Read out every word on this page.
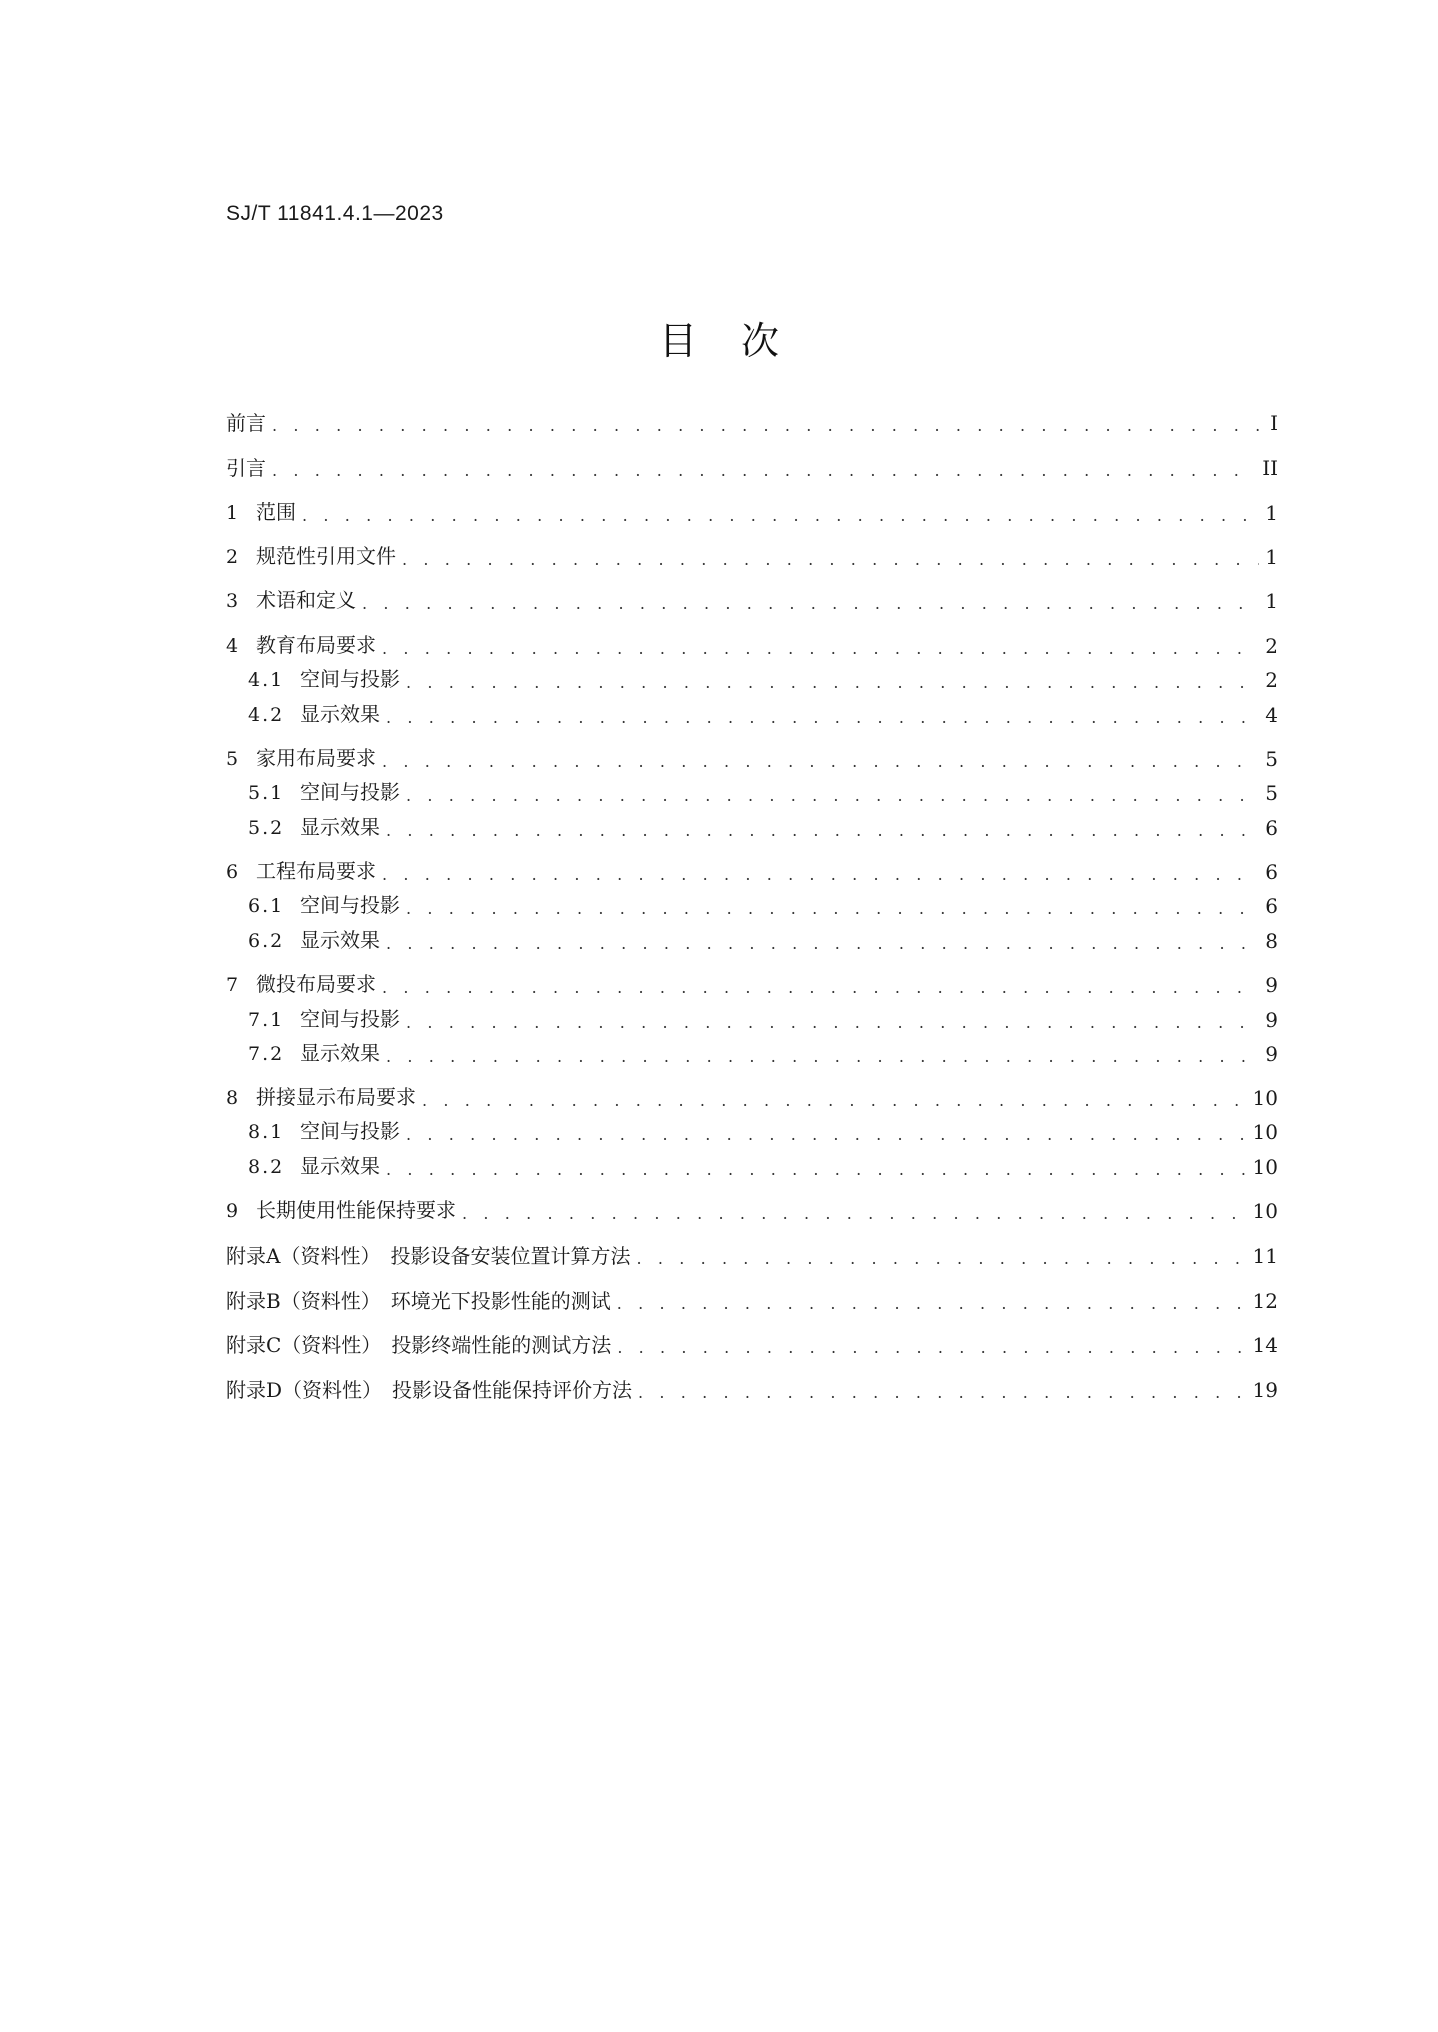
SJ/T 11841.4.1—2023
目次
前言 . . .	I
引言 . . .	II
1 范围 . . .	1
2 规范性引用文件 . . .	1
3 术语和定义 . . .	1
4 教育布局要求 . . .	2
4.1 空间与投影 . . .	2
4.2 显示效果 . . .	4
5 家用布局要求 . . .	5
5.1 空间与投影 . . .	5
5.2 显示效果 . . .	6
6 工程布局要求 . . .	6
6.1 空间与投影 . . .	6
6.2 显示效果 . . .	8
7 微投布局要求 . . .	9
7.1 空间与投影 . . .	9
7.2 显示效果 . . .	9
8 拼接显示布局要求 . . .	10
8.1 空间与投影 . . .	10
8.2 显示效果 . . .	10
9 长期使用性能保持要求 . . .	10
附录A（资料性）  投影设备安装位置计算方法 . . .	11
附录B（资料性）  环境光下投影性能的测试 . . .	12
附录C（资料性）  投影终端性能的测试方法 . . .	14
附录D（资料性）  投影设备性能保持评价方法 . . .	19
